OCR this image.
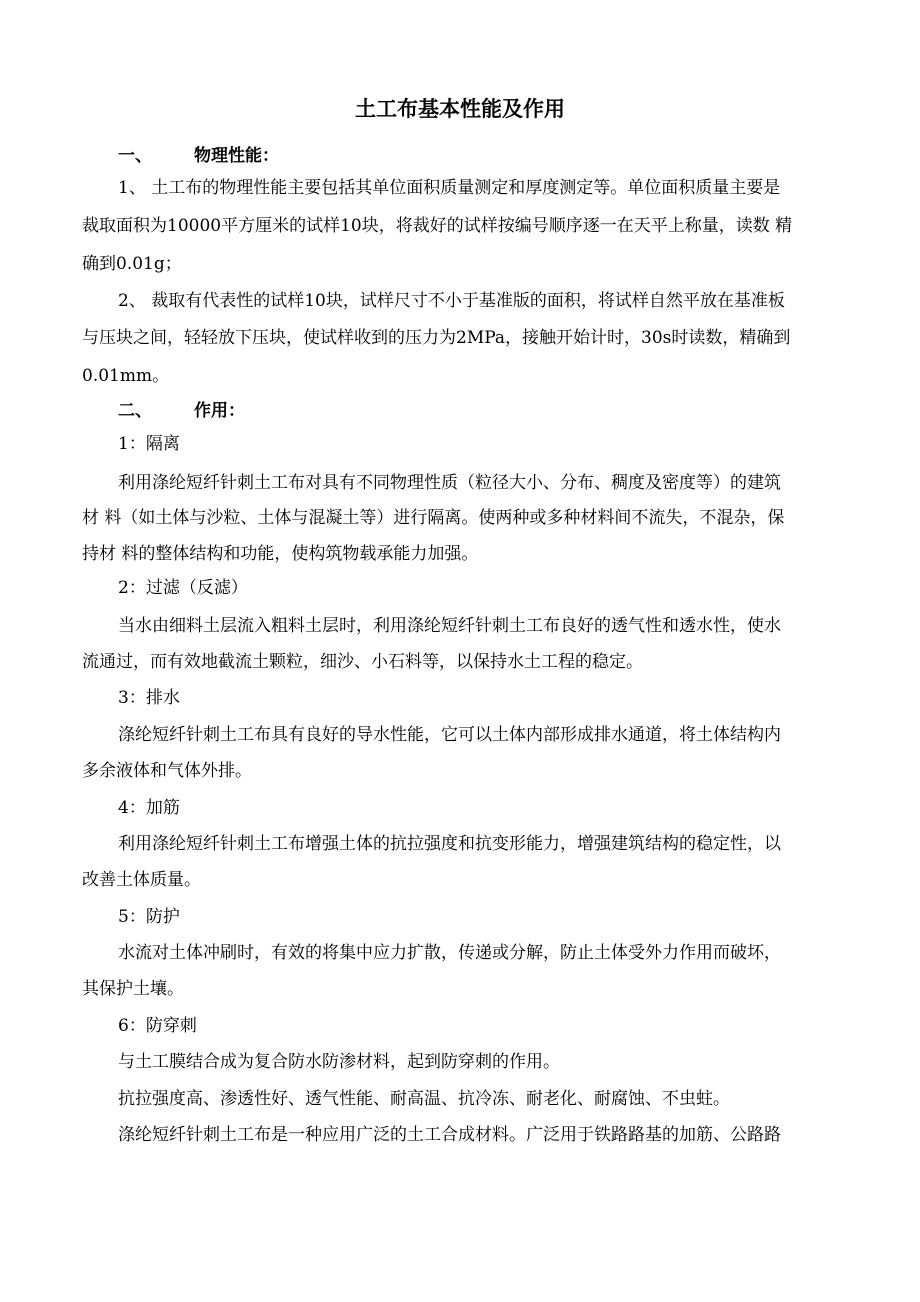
土工布基本性能及作用
一、 物理性能：
1、 土工布的物理性能主要包括其单位面积质量测定和厚度测定等。单位面积质量主要是
裁取面积为10000平方厘米的试样10块，将裁好的试样按编号顺序逐一在天平上称量，读数 精
确到0.01g；
2、 裁取有代表性的试样10块，试样尺寸不小于基准版的面积，将试样自然平放在基准板
与压块之间，轻轻放下压块，使试样收到的压力为2MPa，接触开始计时，30s时读数，精确到
0.01mm。
二、 作用：
1：隔离
利用涤纶短纤针刺土工布对具有不同物理性质（粒径大小、分布、稠度及密度等）的建筑
材 料（如土体与沙粒、土体与混凝土等）进行隔离。使两种或多种材料间不流失，不混杂，保
持材 料的整体结构和功能，使构筑物载承能力加强。
2：过滤（反滤）
当水由细料土层流入粗料土层时，利用涤纶短纤针刺土工布良好的透气性和透水性，使水
流通过，而有效地截流土颗粒，细沙、小石料等，以保持水土工程的稳定。
3：排水
涤纶短纤针刺土工布具有良好的导水性能，它可以土体内部形成排水通道，将土体结构内
多余液体和气体外排。
4：加筋
利用涤纶短纤针刺土工布增强土体的抗拉强度和抗变形能力，增强建筑结构的稳定性，以
改善土体质量。
5：防护
水流对土体冲刷时，有效的将集中应力扩散，传递或分解，防止土体受外力作用而破坏，
其保护土壤。
6：防穿刺
与土工膜结合成为复合防水防渗材料，起到防穿刺的作用。
抗拉强度高、渗透性好、透气性能、耐高温、抗冷冻、耐老化、耐腐蚀、不虫蛀。
涤纶短纤针刺土工布是一种应用广泛的土工合成材料。广泛用于铁路路基的加筋、公路路
